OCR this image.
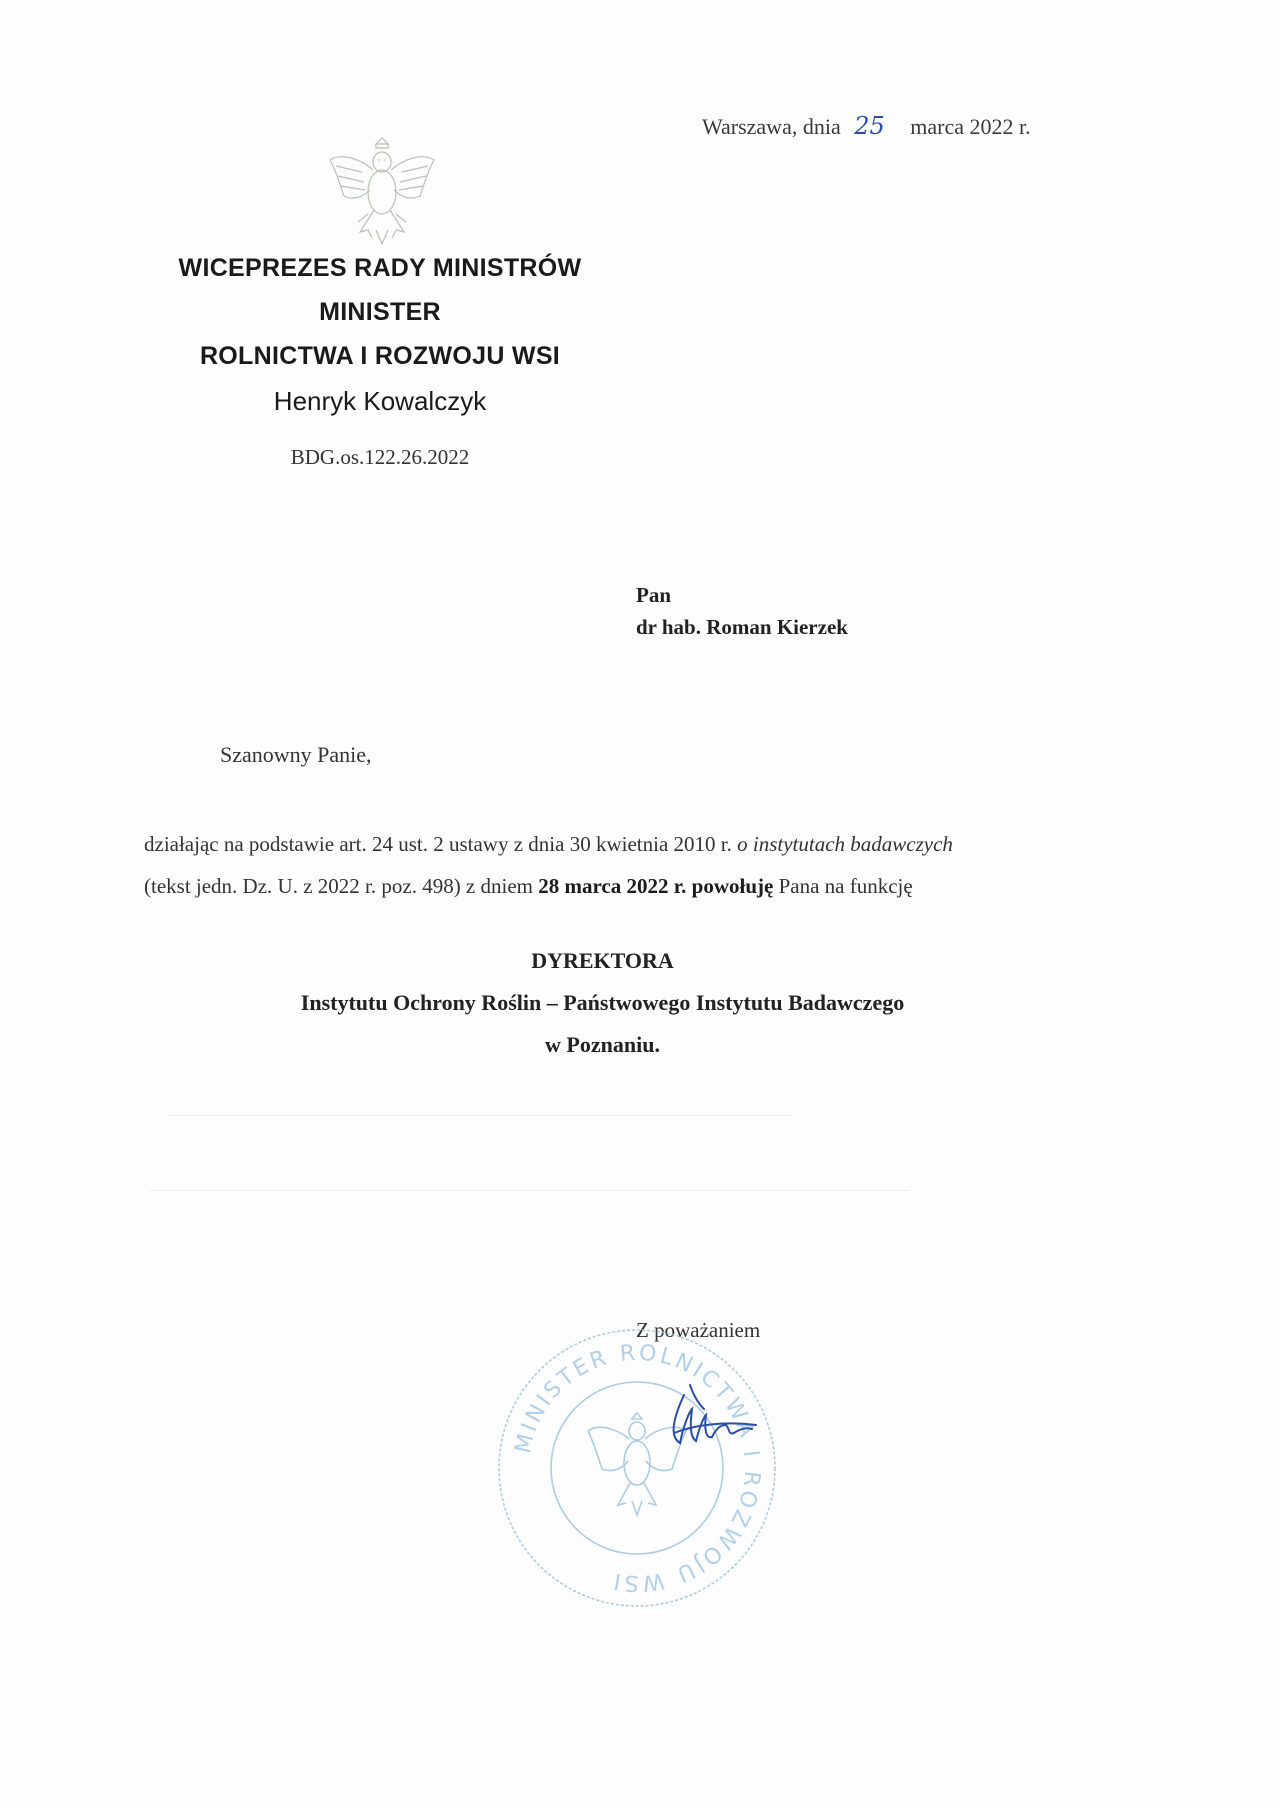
Warszawa, dnia 25 marca 2022 r.
WICEPREZES RADY MINISTRÓW
MINISTER
ROLNICTWA I ROZWOJU WSI
Henryk Kowalczyk
BDG.os.122.26.2022
Pan
dr hab. Roman Kierzek
Szanowny Panie,
działając na podstawie art. 24 ust. 2 ustawy z dnia 30 kwietnia 2010 r. o instytutach badawczych
(tekst jedn. Dz. U. z 2022 r. poz. 498) z dniem 28 marca 2022 r. powołuję Pana na funkcję
DYREKTORA
Instytutu Ochrony Roślin – Państwowego Instytutu Badawczego
w Poznaniu.
Z poważaniem
MINISTER ROLNICTWA I ROZWOJU WSI
